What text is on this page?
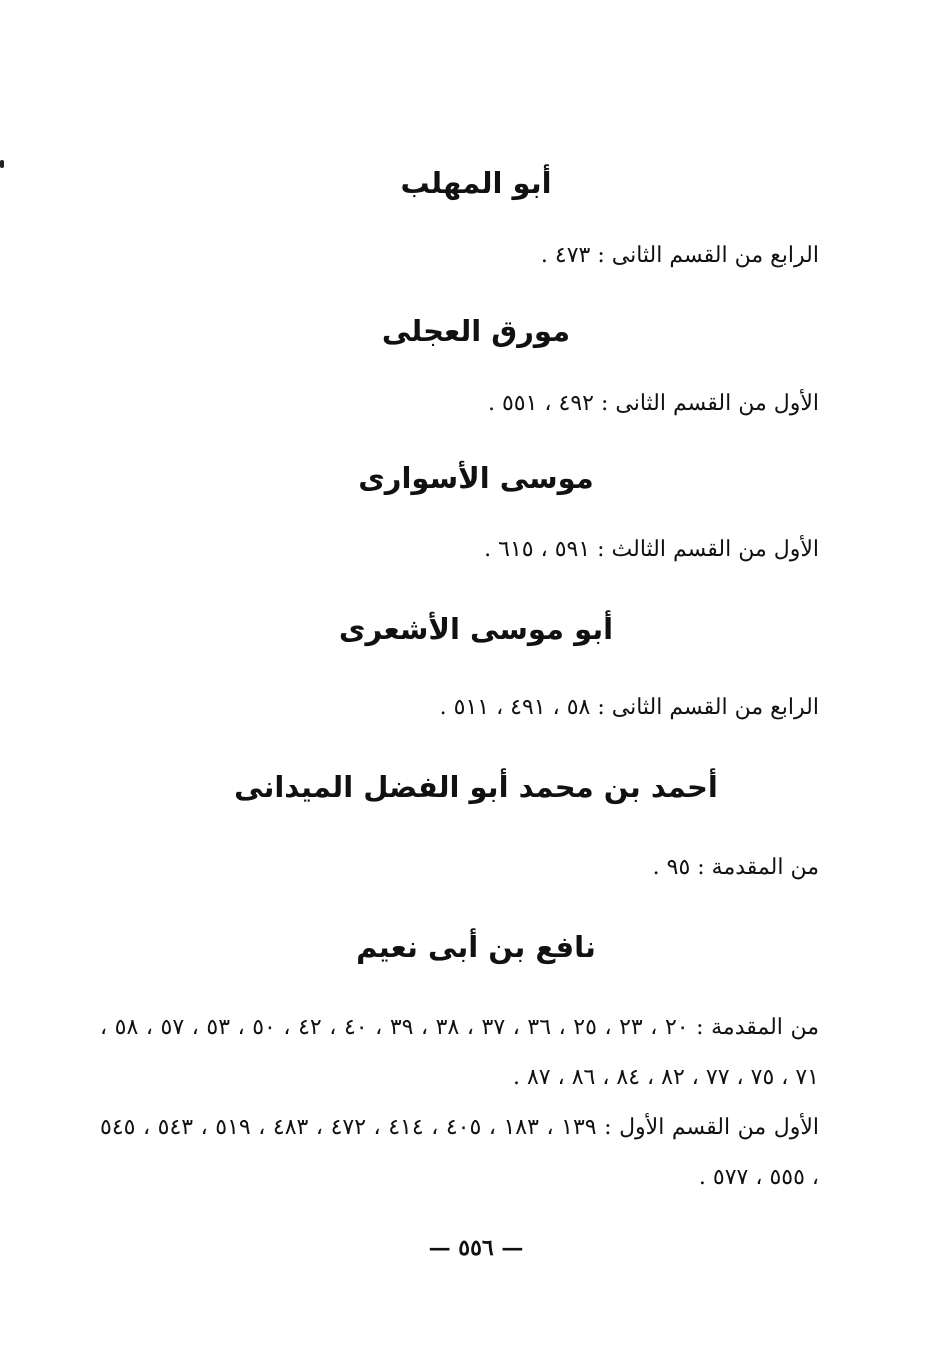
أبو المهلب
الرابع من القسم الثانى : ٤٧٣ .
مورق العجلى
الأول من القسم الثانى : ٤٩٢ ، ٥٥١ .
موسى الأسوارى
الأول من القسم الثالث : ٥٩١ ، ٦١٥ .
أبو موسى الأشعرى
الرابع من القسم الثانى : ٥٨ ، ٤٩١ ، ٥١١ .
أحمد بن محمد أبو الفضل الميدانى
من المقدمة : ٩٥ .
نافع بن أبى نعيم
من المقدمة : ٢٠ ، ٢٣ ، ٢٥ ، ٣٦ ، ٣٧ ، ٣٨ ، ٣٩ ، ٤٠ ، ٤٢ ، ٥٠ ، ٥٣ ، ٥٧ ، ٥٨ ، ٧١ ، ٧٥ ، ٧٧ ، ٨٢ ، ٨٤ ، ٨٦ ، ٨٧ .
الأول من القسم الأول : ١٣٩ ، ١٨٣ ، ٤٠٥ ، ٤١٤ ، ٤٧٢ ، ٤٨٣ ، ٥١٩ ، ٥٤٣ ، ٥٤٥ ، ٥٥٥ ، ٥٧٧ .
— ٥٥٦ —
